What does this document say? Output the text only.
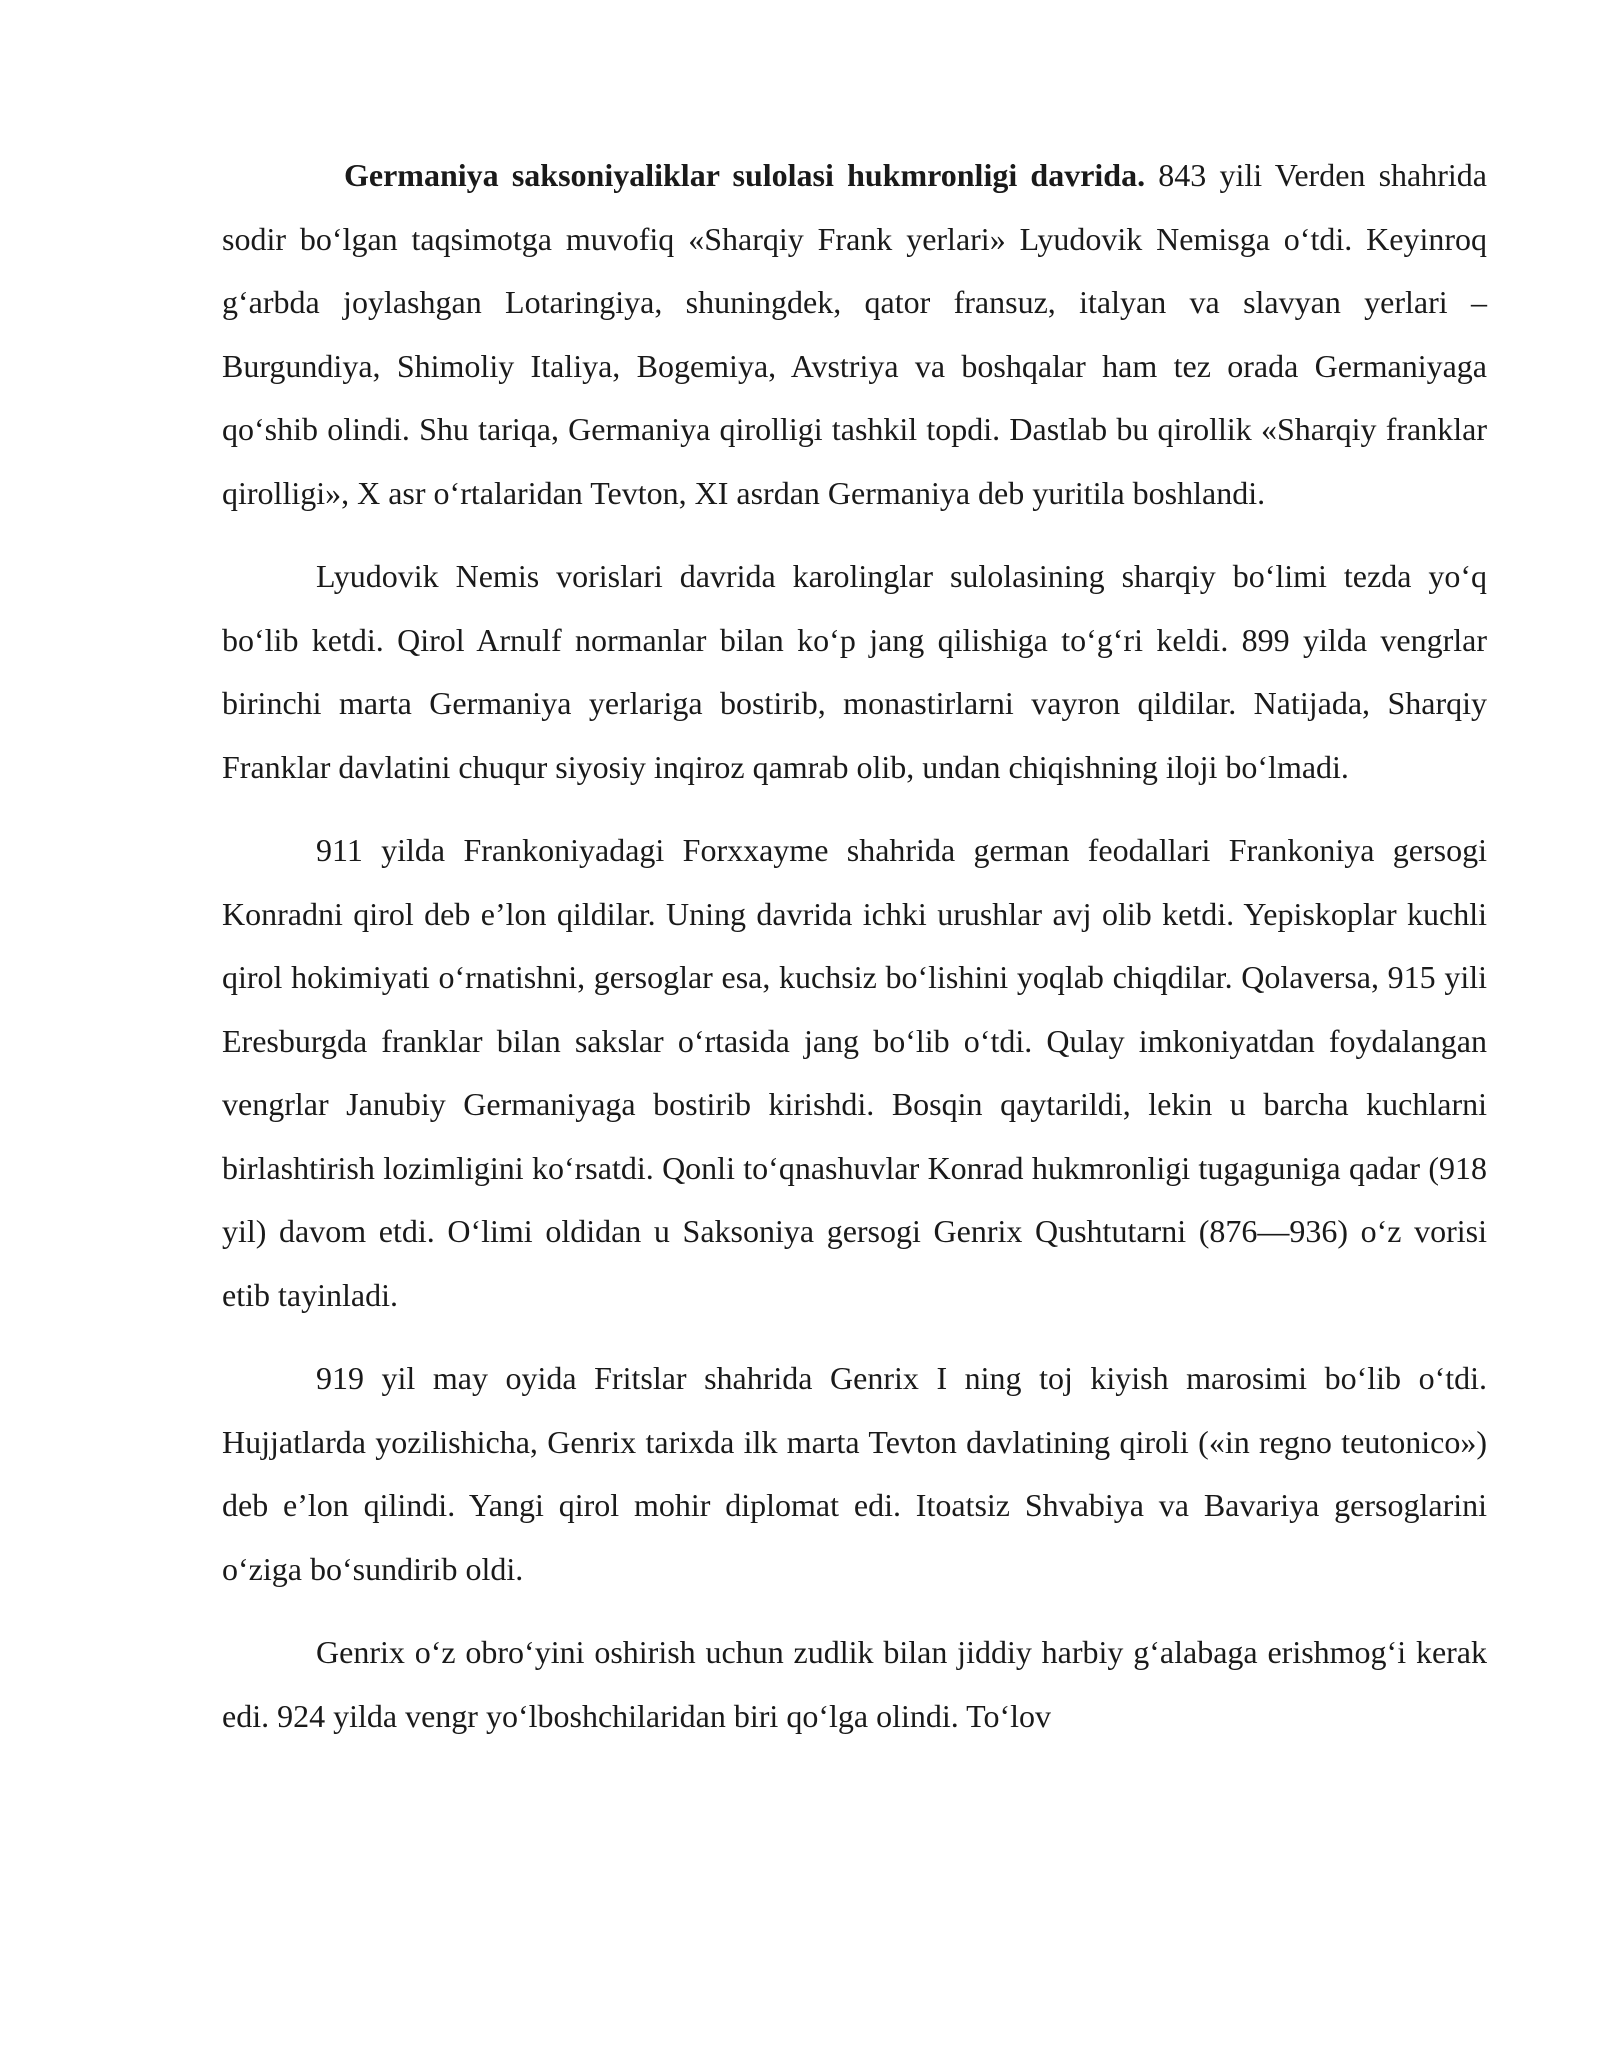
Germaniya saksoniyaliklar sulolasi hukmronligi davrida. 843 yili Verden shahrida sodir bo‘lgan taqsimotga muvofiq «Sharqiy Frank yerlari» Lyudovik Nemisga o‘tdi. Keyinroq g‘arbda joylashgan Lotaringiya, shuningdek, qator fransuz, italyan va slavyan yerlari – Burgundiya, Shimoliy Italiya, Bogemiya, Avstriya va boshqalar ham tez orada Germaniyaga qo‘shib olindi. Shu tariqa, Germaniya qirolligi tashkil topdi. Dastlab bu qirollik «Sharqiy franklar qirolligi», X asr o‘rtalaridan Tevton, XI asrdan Germaniya deb yuritila boshlandi.

Lyudovik Nemis vorislari davrida karolinglar sulolasining sharqiy bo‘limi tezda yo‘q bo‘lib ketdi. Qirol Arnulf normanlar bilan ko‘p jang qilishiga to‘g‘ri keldi. 899 yilda vengrlar birinchi marta Germaniya yerlariga bostirib, monastirlarni vayron qildilar. Natijada, Sharqiy Franklar davlatini chuqur siyosiy inqiroz qamrab olib, undan chiqishning iloji bo‘lmadi.

911 yilda Frankoniyadagi Forxxayme shahrida german feodallari Frankoniya gersogi Konradni qirol deb e’lon qildilar. Uning davrida ichki urushlar avj olib ketdi. Yepiskoplar kuchli qirol hokimiyati o‘rnatishni, gersoglar esa, kuchsiz bo‘lishini yoqlab chiqdilar. Qolaversa, 915 yili Eresburgda franklar bilan sakslar o‘rtasida jang bo‘lib o‘tdi. Qulay imkoniyatdan foydalangan vengrlar Janubiy Germaniyaga bostirib kirishdi. Bosqin qaytarildi, lekin u barcha kuchlarni birlashtirish lozimligini ko‘rsatdi. Qonli to‘qnashuvlar Konrad hukmronligi tugaguniga qadar (918 yil) davom etdi. O‘limi oldidan u Saksoniya gersogi Genrix Qushtutarni (876—936) o‘z vorisi etib tayinladi.

919 yil may oyida Fritslar shahrida Genrix I ning toj kiyish marosimi bo‘lib o‘tdi. Hujjatlarda yozilishicha, Genrix tarixda ilk marta Tevton davlatining qiroli («in regno teutonico») deb e’lon qilindi. Yangi qirol mohir diplomat edi. Itoatsiz Shvabiya va Bavariya gersoglarini o‘ziga bo‘sundirib oldi.

Genrix o‘z obro‘yini oshirish uchun zudlik bilan jiddiy harbiy g‘alabaga erishmog‘i kerak edi. 924 yilda vengr yo‘lboshchilaridan biri qo‘lga olindi. To‘lov
